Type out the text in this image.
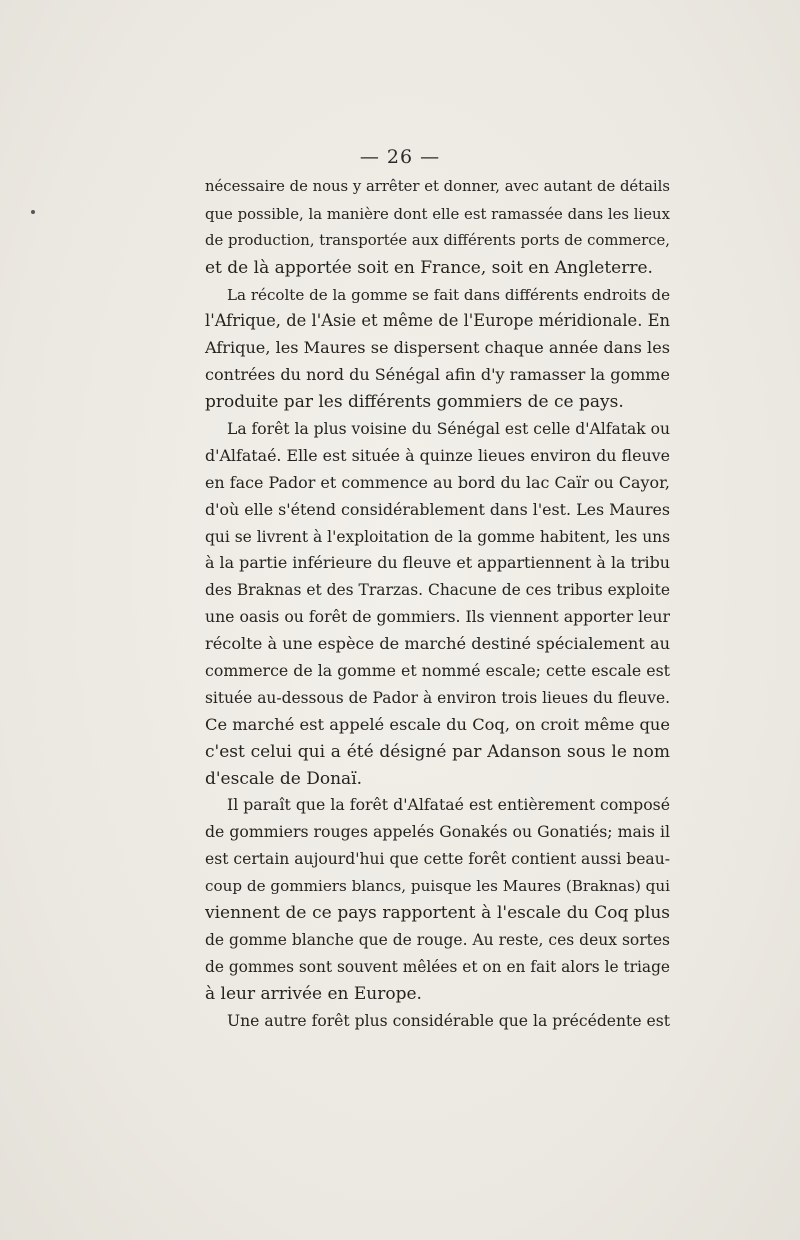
— 26 —
nécessaire de nous y arrêter et donner, avec autant de détails
que possible, la manière dont elle est ramassée dans les lieux
de production, transportée aux différents ports de commerce,
et de là apportée soit en France, soit en Angleterre.
La récolte de la gomme se fait dans différents endroits de
l'Afrique, de l'Asie et même de l'Europe méridionale. En
Afrique, les Maures se dispersent chaque année dans les
contrées du nord du Sénégal afin d'y ramasser la gomme
produite par les différents gommiers de ce pays.
La forêt la plus voisine du Sénégal est celle d'Alfatak ou
d'Alfataé. Elle est située à quinze lieues environ du fleuve
en face Pador et commence au bord du lac Caïr ou Cayor,
d'où elle s'étend considérablement dans l'est. Les Maures
qui se livrent à l'exploitation de la gomme habitent, les uns
à la partie inférieure du fleuve et appartiennent à la tribu
des Braknas et des Trarzas. Chacune de ces tribus exploite
une oasis ou forêt de gommiers. Ils viennent apporter leur
récolte à une espèce de marché destiné spécialement au
commerce de la gomme et nommé escale; cette escale est
située au-dessous de Pador à environ trois lieues du fleuve.
Ce marché est appelé escale du Coq, on croit même que
c'est celui qui a été désigné par Adanson sous le nom
d'escale de Donaï.
Il paraît que la forêt d'Alfataé est entièrement composé
de gommiers rouges appelés Gonakés ou Gonatiés; mais il
est certain aujourd'hui que cette forêt contient aussi beau-
coup de gommiers blancs, puisque les Maures (Braknas) qui
viennent de ce pays rapportent à l'escale du Coq plus
de gomme blanche que de rouge. Au reste, ces deux sortes
de gommes sont souvent mêlées et on en fait alors le triage
à leur arrivée en Europe.
Une autre forêt plus considérable que la précédente est
